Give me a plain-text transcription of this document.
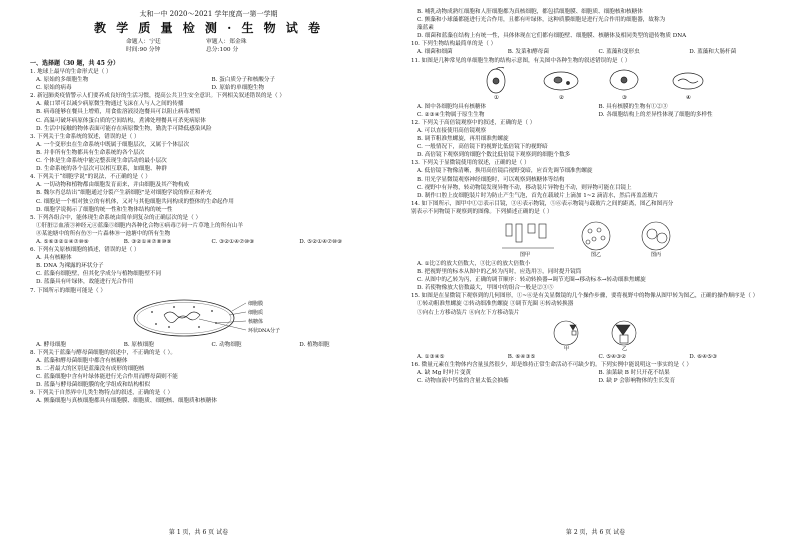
太和一中 2020～2021 学年度高一第一学期
教 学 质 量 检 测 · 生 物 试 卷
命题人：宁廷	审题人：郑金珠
时间:90 分钟	总分:100 分
一、选择题（30 题，共 45 分）
1. 地球上最早的生命形式是（ ）
A. 原始的多细胞生物	B. 蛋白质分子和核酸分子
C. 原始的病毒	D. 原始的单细胞生物
2. 新冠肺炎疫情警示人们要养成良好的生活习惯，提高公共卫生安全意识。下列相关叙述错误的是（ ）
A. 戴口罩可以减少病原微生物通过飞沫在人与人之间的传播
B. 病毒能够在餐具上增殖，用食盐溶液浸泡餐具可以阻止病毒增殖
C. 高温可破坏病原体蛋白质的空间结构，煮沸处理餐具可杀死病原体
D. 生活中接触的物体表面可能存在病原微生物，勤洗手可降低感染风险
3. 下列关于生命系统的叙述，错误的是（ ）
A. 一个变形虫在生命系统中既属于细胞层次，又属于个体层次
B. 并非所有生物都具有生命系统的各个层次
C. 个体是生命系统中能完整表现生命活动的最小层次
D. 生命系统的各个层次可以相互联系，如细胞、种群
4. 下列关于“细胞学说”的说法，不正确的是（ ）
A. 一切动物和植物都由细胞发育而来，并由细胞及其产物构成
B. 魏尔肖总结出“细胞通过分裂产生新细胞”是对细胞学说的修正和补充
C. 细胞是一个相对独立的有机体，又对与其他细胞共同构成的整体的生命起作用
D. 细胞学说揭示了细胞的统一性和生物体结构的统一性
5. 下列各组合中，能体现生命系统由简单到复杂的正确层次的是（ ）
①肝脏②血液③神经元④蓝藻⑤细胞内各种化合物⑥病毒⑦同一片草地上的所有山羊
⑧某池塘中的所有鱼⑨一片森林⑩一池塘中的所有生物
A. ⑤⑥③②①④⑦⑩⑨	B. ③②①④⑦⑧⑩⑨	C. ③②①④⑦⑩⑨	D. ⑤②①④⑦⑩⑨
6. 下列有关原核细胞的描述，错误的是（ ）
A. 具有核糖体
B. DNA 为裸露的环状分子
C. 蓝藻有细胞壁，但其化学成分与植物细胞壁不同
D. 蓝藻具有叶绿体，故能进行光合作用
7. 下图所示的细胞可能是（ ）
细胞膜
细胞质
核糖体
环状DNA分子
A. 酵母细胞	B. 原核细胞	C. 动物细胞	D. 植物细胞
8. 下列关于蓝藻与酵母菌细胞的叙述中，不正确的是（ ）。
A. 蓝藻和酵母菌细胞中都含有核糖体
B. 二者最大的区别是蓝藻没有成形的细胞核
C. 蓝藻细胞中含有叶绿体能进行光合作用而酵母菌则不能
D. 蓝藻与酵母菌细胞膜的化学组成和结构相似
9. 下列关于自然界中几类生物特点的叙述，正确的是（ ）
A. 颤藻细胞与真核细胞都具有细胞膜、细胞质、细胞核、细胞质和核糖体
第 1 页，共 6 页 试卷
B. 哺乳动物成熟红细胞和人肝细胞都为真核细胞，都包括细胞膜、细胞质、细胞核和核糖体
C. 颤藻和小球藻都能进行光合作用，且都有叶绿体，这种质膜细胞是进行光合作用的细胞器，故称为
藻蓝素
D. 细菌和蓝藻在结构上有统一性，具体体现在它们都有细胞壁、细胞膜、核糖体及相同类型的遗传物质 DNA
10. 下列生物结构最简单的是（ ）
A. 细菌和细菌	B. 发菜和酵母菌	C. 蓝藻和变形虫	D. 蓝藻和大肠杆菌
11. 如图是几种常见的单细胞生物的结构示意图，有关图中各种生物的叙述错误的是（ ）
①	②	③	④
A. 图中各细胞均具有核糖体	B. 具有核膜的生物有①②③
C. ②③④生物属于原生生物	D. 各细胞结构上的差异性体现了细胞的多样性
12. 下列关于高倍镜观察中的叙述，正确的是（ ）
A. 可以直接使用高倍镜观察
B. 调节粗准焦螺旋，再用细准焦螺旋
C. 一般情况下，高倍镜下的视野比低倍镜下的视野暗
D. 高倍镜下观察到的细胞个数比低倍镜下观察到的细胞个数多
13. 下列关于显微镜使用的叙述，正确的是（ ）
A. 低倍镜下物像清晰，换用高倍镜后视野变暗，应首先调节细准焦螺旋
B. 用光学显微镜观察神经细胞时，可以观察到核糖体等结构
C. 视野中有异物，转动物镜发现异物不动，移动装片异物也不动，则异物可能在目镜上
D. 制作口腔上皮细胞装片时为防止产生气泡，首先在载玻片上滴加 1~2 滴清水，然后再盖盖玻片
14. 如下图所示，图甲中①②表示目镜，③④表示物镜，⑤⑥表示物镜与载玻片之间的距离，图乙和图丙分
别表示不同物镜下观察到的图像。下列描述正确的是（ ）
图甲	图乙	图丙
A. ①比②的放大倍数大，③比④的放大倍数小
B. 把视野里的标本从图中的乙转为丙时，应选用③，同时提升镜筒
C. 从图中的乙转为丙，正确的调节顺序：转动转换器→调节光圈→移动标本→转动细准焦螺旋
D. 若使物像放大倍数最大，甲图中的组合一般是②③⑤
15. 如图是在显微镜下观察到的几何图形，①~⑥是有关显微镜的几个操作步骤，要将视野中的物像从图甲转为图乙，正确的操作顺序是（ ）
①转动粗准焦螺旋 ②转动细准焦螺旋 ③调节光圈 ④转动转换器
⑤向右上方移动装片 ⑥向左下方移动装片
甲	乙
A. ①③④⑤	B. ⑥④③⑤	C. ⑤④③②	D. ⑥④⑤③
16. 微量元素在生物体内含量虽然很少，却是维持正常生命活动不可缺少的。下列实例中能说明这一事实的是（ ）
A. 缺 Mg 时叶片变黄	B. 油菜缺 B 时只开花不结果
C. 动物血液中钙盐的含量太低会抽搐	D. 缺 P 会影响物体的生长发育
第 2 页，共 6 页 试卷
